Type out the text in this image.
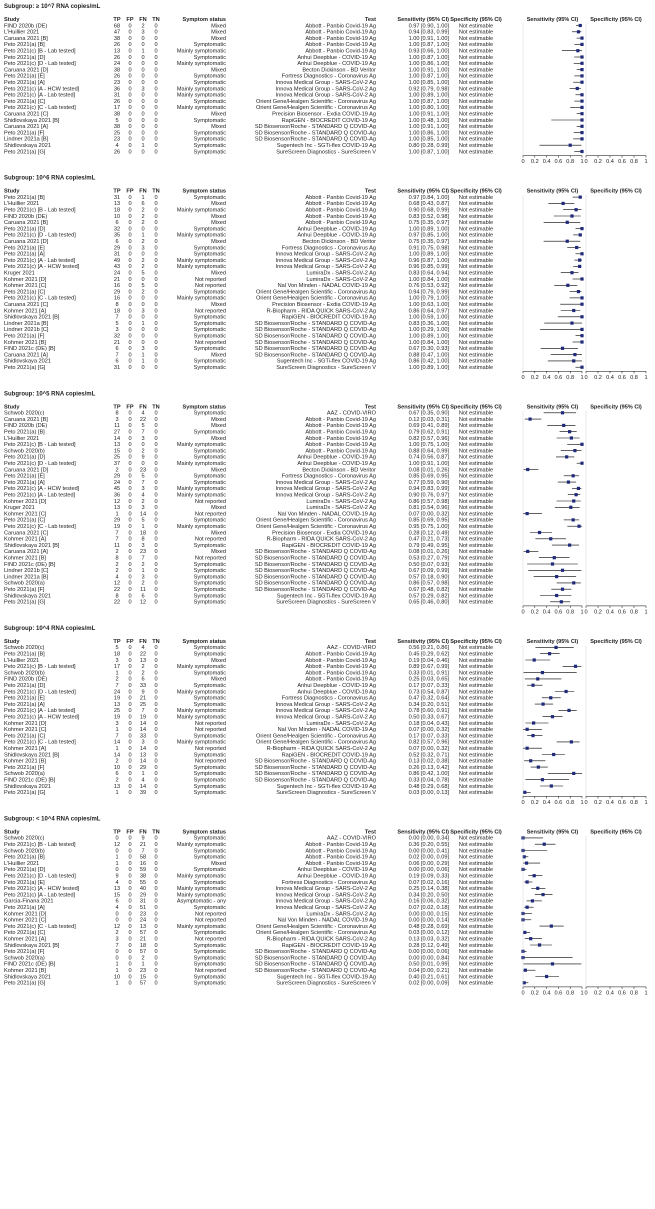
Subgroup: ≥ 10^7 RNA copies/mL
Study	TP FP FN TN	Symptom status	Test	Sensitivity (95% CI) Specificity (95% CI)	Sensitivity (95% CI) Specificity (95% CI)
FIND 2020b (DE)	68 0 2 0	Mixed	Abbott - Panbio Covid-19 Ag	0.97 [0.90, 1.00] Not estimable
L'Huillier 2021	47 0 3 0	Mixed	Abbott - Panbio Covid-19 Ag	0.94 [0.83, 0.99] Not estimable
Caruana 2021 [B]	38 0 0 0	Mixed	Abbott - Panbio Covid-19 Ag	1.00 [0.91, 1.00] Not estimable
Peto 2021(a) [B]	26 0 0 0	Symptomatic	Abbott - Panbio Covid-19 Ag	1.00 [0.87, 1.00] Not estimable
Peto 2021(c) [B - Lab tested]	13 0 1 0	Mainly symptomatic	Abbott - Panbio Covid-19 Ag	0.93 [0.66, 1.00] Not estimable
Peto 2021(a) [D]	26 0 0 0	Symptomatic	Anhui Deepblue - COVID-19 Ag	1.00 [0.87, 1.00] Not estimable
Peto 2021(c) [D - Lab tested]	24 0 0 0	Mainly symptomatic	Anhui Deepblue - COVID-19 Ag	1.00 [0.86, 1.00] Not estimable
Caruana 2021 [D]	38 0 0 0	Mixed	Becton Dickinson - BD Veritor	1.00 [0.91, 1.00] Not estimable
Peto 2021(a) [E]	26 0 0 0	Symptomatic	Fortress Diagnostics - Coronavirus Ag	1.00 [0.87, 1.00] Not estimable
Peto 2021(a) [A]	23 0 0 0	Symptomatic	Innova Medical Group - SARS-CoV-2 Ag	1.00 [0.85, 1.00] Not estimable
Peto 2021(c) [A - HCW tested]	36 0 3 0	Mainly symptomatic	Innova Medical Group - SARS-CoV-2 Ag	0.92 [0.79, 0.98] Not estimable
Peto 2021(c) [A - Lab tested]	31 0 0 0	Mainly symptomatic	Innova Medical Group - SARS-CoV-2 Ag	1.00 [0.89, 1.00] Not estimable
Peto 2021(a) [C]	26 0 0 0	Symptomatic	Orient Gene/Healgen Scientific - Coronavirus Ag	1.00 [0.87, 1.00] Not estimable
Peto 2021(c) [C - Lab tested]	17 0 0 0	Mainly symptomatic	Orient Gene/Healgen Scientific - Coronavirus Ag	1.00 [0.80, 1.00] Not estimable
Caruana 2021 [C]	38 0 0 0	Mixed	Precision Biosensor - Exdia COVID-19 Ag	1.00 [0.91, 1.00] Not estimable
Shidlovskaya 2021 [B]	5 0 0 0	Symptomatic	RapiGEN - BIOCREDIT COVID-19 Ag	1.00 [0.48, 1.00] Not estimable
Caruana 2021 [A]	38 0 0 0	Mixed	SD Biosensor/Roche - STANDARD Q COVID-Ag	1.00 [0.91, 1.00] Not estimable
Peto 2021(a) [F]	25 0 0 0	Symptomatic	SD Biosensor/Roche - STANDARD Q COVID-Ag	1.00 [0.86, 1.00] Not estimable
Lindner 2021a [B]	23 0 0 0	Symptomatic	SD Biosensor/Roche - STANDARD Q COVID-Ag	1.00 [0.85, 1.00] Not estimable
Shidlovskaya 2021	4 0 1 0	Symptomatic	Sugentech Inc - SGTi-flex COVID-19 Ag	0.80 [0.28, 0.99] Not estimable
Peto 2021(a) [G]	26 0 0 0	Symptomatic	SureScreen Diagnostics - SureScreen V	1.00 [0.87, 1.00] Not estimable
0 0.2 0.4 0.6 0.8 1 0 0.2 0.4 0.6 0.8 1
Subgroup: 10^6 RNA copies/mL
Study	TP FP FN TN	Symptom status	Test	Sensitivity (95% CI) Specificity (95% CI)	Sensitivity (95% CI) Specificity (95% CI)
Peto 2021(a) [B]	31 0 1 0	Symptomatic	Abbott - Panbio Covid-19 Ag	0.97 [0.84, 1.00] Not estimable
L'Huillier 2021	13 0 6 0	Mixed	Abbott - Panbio Covid-19 Ag	0.68 [0.43, 0.87] Not estimable
Peto 2021(c) [B - Lab tested]	18 0 2 0	Mainly symptomatic	Abbott - Panbio Covid-19 Ag	0.90 [0.68, 0.99] Not estimable
FIND 2020b (DE)	10 0 2 0	Mixed	Abbott - Panbio Covid-19 Ag	0.83 [0.52, 0.98] Not estimable
Caruana 2021 [B]	6 0 2 0	Mixed	Abbott - Panbio Covid-19 Ag	0.75 [0.35, 0.97] Not estimable
Peto 2021(a) [D]	32 0 0 0	Symptomatic	Anhui Deepblue - COVID-19 Ag	1.00 [0.89, 1.00] Not estimable
Peto 2021(c) [D - Lab tested]	35 0 1 0	Mainly symptomatic	Anhui Deepblue - COVID-19 Ag	0.97 [0.85, 1.00] Not estimable
Caruana 2021 [D]	6 0 2 0	Mixed	Becton Dickinson - BD Veritor	0.75 [0.35, 0.97] Not estimable
Peto 2021(a) [E]	29 0 3 0	Symptomatic	Fortress Diagnostics - Coronavirus Ag	0.91 [0.75, 0.98] Not estimable
Peto 2021(a) [A]	31 0 0 0	Symptomatic	Innova Medical Group - SARS-CoV-2 Ag	1.00 [0.89, 1.00] Not estimable
Peto 2021(c) [A - Lab tested]	49 0 2 0	Mainly symptomatic	Innova Medical Group - SARS-CoV-2 Ag	0.96 [0.87, 1.00] Not estimable
Peto 2021(c) [A - HCW tested]	43 0 2 0	Mainly symptomatic	Innova Medical Group - SARS-CoV-2 Ag	0.96 [0.85, 0.99] Not estimable
Kruger 2021	24 0 5 0	Mixed	LumiraDx - SARS-CoV-2 Ag	0.83 [0.64, 0.94] Not estimable
Kohmer 2021 [D]	21 0 0 0	Not reported	LumiraDx - SARS-CoV-2 Ag	1.00 [0.84, 1.00] Not estimable
Kohmer 2021 [C]	16 0 5 0	Not reported	Nal Von Minden - NADAL COVID-19 Ag	0.76 [0.53, 0.92] Not estimable
Peto 2021(a) [C]	29 0 2 0	Symptomatic	Orient Gene/Healgen Scientific - Coronavirus Ag	0.94 [0.79, 0.99] Not estimable
Peto 2021(c) [C - Lab tested]	16 0 0 0	Mainly symptomatic	Orient Gene/Healgen Scientific - Coronavirus Ag	1.00 [0.79, 1.00] Not estimable
Caruana 2021 [C]	8 0 0 0	Mixed	Precision Biosensor - Exdia COVID-19 Ag	1.00 [0.63, 1.00] Not estimable
Kohmer 2021 [A]	18 0 3 0	Not reported	R-Biopharm - RIDA QUICK SARS-CoV-2 Ag	0.86 [0.64, 0.97] Not estimable
Shidlovskaya 2021 [B]	7 0 0 0	Symptomatic	RapiGEN - BIOCREDIT COVID-19 Ag	1.00 [0.59, 1.00] Not estimable
Lindner 2021a [B]	5 0 1 0	Symptomatic	SD Biosensor/Roche - STANDARD Q COVID-Ag	0.83 [0.36, 1.00] Not estimable
Lindner 2021b [C]	3 0 0 0	Symptomatic	SD Biosensor/Roche - STANDARD Q COVID-Ag	1.00 [0.29, 1.00] Not estimable
Peto 2021(a) [F]	32 0 0 0	Symptomatic	SD Biosensor/Roche - STANDARD Q COVID-Ag	1.00 [0.89, 1.00] Not estimable
Kohmer 2021 [B]	21 0 0 0	Not reported	SD Biosensor/Roche - STANDARD Q COVID-Ag	1.00 [0.84, 1.00] Not estimable
FIND 2021c (DE) [B]	6 0 3 0	Symptomatic	SD Biosensor/Roche - STANDARD Q COVID-Ag	0.67 [0.30, 0.93] Not estimable
Caruana 2021 [A]	7 0 1 0	Mixed	SD Biosensor/Roche - STANDARD Q COVID-Ag	0.88 [0.47, 1.00] Not estimable
Shidlovskaya 2021	6 0 1 0	Symptomatic	Sugentech Inc - SGTi-flex COVID-19 Ag	0.86 [0.42, 1.00] Not estimable
Peto 2021(a) [G]	31 0 0 0	Symptomatic	SureScreen Diagnostics - SureScreen V	1.00 [0.89, 1.00] Not estimable
0 0.2 0.4 0.6 0.8 1 0 0.2 0.4 0.6 0.8 1
Subgroup: 10^5 RNA copies/mL
Study	TP FP FN TN	Symptom status	Test	Sensitivity (95% CI) Specificity (95% CI)	Sensitivity (95% CI) Specificity (95% CI)
Schwob 2020(c)	8 0 4 0	Symptomatic	AAZ - COVID-VIRO	0.67 [0.35, 0.90] Not estimable
Caruana 2021 [B]	3 0 22 0	Mixed	Abbott - Panbio Covid-19 Ag	0.12 [0.03, 0.31] Not estimable
FIND 2020b (DE)	11 0 5 0	Mixed	Abbott - Panbio Covid-19 Ag	0.69 [0.41, 0.89] Not estimable
Peto 2021(a) [B]	27 0 7 0	Symptomatic	Abbott - Panbio Covid-19 Ag	0.79 [0.62, 0.91] Not estimable
L'Huillier 2021	14 0 3 0	Mixed	Abbott - Panbio Covid-19 Ag	0.82 [0.57, 0.96] Not estimable
Peto 2021(c) [B - Lab tested]	13 0 0 0	Mainly symptomatic	Abbott - Panbio Covid-19 Ag	1.00 [0.75, 1.00] Not estimable
Schwob 2020(b)	15 0 2 0	Symptomatic	Abbott - Panbio Covid-19 Ag	0.88 [0.64, 0.99] Not estimable
Peto 2021(a) [D]	25 0 9 0	Symptomatic	Anhui Deepblue - COVID-19 Ag	0.74 [0.56, 0.87] Not estimable
Peto 2021(c) [D - Lab tested]	37 0 0 0	Mainly symptomatic	Anhui Deepblue - COVID-19 Ag	1.00 [0.91, 1.00] Not estimable
Caruana 2021 [D]	2 0 23 0	Mixed	Becton Dickinson - BD Veritor	0.08 [0.01, 0.26] Not estimable
Peto 2021(a) [E]	29 0 5 0	Symptomatic	Fortress Diagnostics - Coronavirus Ag	0.85 [0.69, 0.95] Not estimable
Peto 2021(a) [A]	24 0 7 0	Symptomatic	Innova Medical Group - SARS-CoV-2 Ag	0.77 [0.59, 0.90] Not estimable
Peto 2021(c) [A - HCW tested]	45 0 3 0	Mainly symptomatic	Innova Medical Group - SARS-CoV-2 Ag	0.94 [0.83, 0.99] Not estimable
Peto 2021(c) [A - Lab tested]	36 0 4 0	Mainly symptomatic	Innova Medical Group - SARS-CoV-2 Ag	0.90 [0.76, 0.97] Not estimable
Kohmer 2021 [D]	12 0 2 0	Not reported	LumiraDx - SARS-CoV-2 Ag	0.86 [0.57, 0.98] Not estimable
Kruger 2021	13 0 3 0	Mixed	LumiraDx - SARS-CoV-2 Ag	0.81 [0.54, 0.96] Not estimable
Kohmer 2021 [C]	1 0 14 0	Not reported	Nal Von Minden - NADAL COVID-19 Ag	0.07 [0.00, 0.32] Not estimable
Peto 2021(a) [C]	29 0 5 0	Symptomatic	Orient Gene/Healgen Scientific - Coronavirus Ag	0.85 [0.69, 0.95] Not estimable
Peto 2021(c) [C - Lab tested]	19 0 1 0	Mainly symptomatic	Orient Gene/Healgen Scientific - Coronavirus Ag	0.95 [0.75, 1.00] Not estimable
Caruana 2021 [C]	7 0 18 0	Mixed	Precision Biosensor - Exdia COVID-19 Ag	0.28 [0.12, 0.49] Not estimable
Kohmer 2021 [A]	7 0 8 0	Not reported	R-Biopharm - RIDA QUICK SARS-CoV-2 Ag	0.47 [0.21, 0.73] Not estimable
Shidlovskaya 2021 [B]	11 0 3 0	Symptomatic	RapiGEN - BIOCREDIT COVID-19 Ag	0.79 [0.49, 0.95] Not estimable
Caruana 2021 [A]	2 0 23 0	Mixed	SD Biosensor/Roche - STANDARD Q COVID-Ag	0.08 [0.01, 0.26] Not estimable
Kohmer 2021 [B]	8 0 7 0	Not reported	SD Biosensor/Roche - STANDARD Q COVID-Ag	0.53 [0.27, 0.79] Not estimable
FIND 2021c (DE) [B]	2 0 2 0	Symptomatic	SD Biosensor/Roche - STANDARD Q COVID-Ag	0.50 [0.07, 0.93] Not estimable
Lindner 2021b [C]	2 0 1 0	Symptomatic	SD Biosensor/Roche - STANDARD Q COVID-Ag	0.67 [0.09, 0.99] Not estimable
Lindner 2021a [B]	4 0 3 0	Symptomatic	SD Biosensor/Roche - STANDARD Q COVID-Ag	0.57 [0.18, 0.90] Not estimable
Schwob 2020(a)	12 0 2 0	Symptomatic	SD Biosensor/Roche - STANDARD Q COVID-Ag	0.86 [0.57, 0.98] Not estimable
Peto 2021(a) [F]	22 0 11 0	Symptomatic	SD Biosensor/Roche - STANDARD Q COVID-Ag	0.67 [0.48, 0.82] Not estimable
Shidlovskaya 2021	8 0 6 0	Symptomatic	Sugentech Inc - SGTi-flex COVID-19 Ag	0.57 [0.29, 0.82] Not estimable
Peto 2021(a) [G]	22 0 12 0	Symptomatic	SureScreen Diagnostics - SureScreen V	0.65 [0.46, 0.80] Not estimable
0 0.2 0.4 0.6 0.8 1 0 0.2 0.4 0.6 0.8 1
Subgroup: 10^4 RNA copies/mL
Study	TP FP FN TN	Symptom status	Test	Sensitivity (95% CI) Specificity (95% CI)	Sensitivity (95% CI) Specificity (95% CI)
Schwob 2020(c)	5 0 4 0	Symptomatic	AAZ - COVID-VIRO	0.56 [0.21, 0.86] Not estimable
Peto 2021(a) [B]	18 0 22 0	Symptomatic	Abbott - Panbio Covid-19 Ag	0.45 [0.29, 0.62] Not estimable
L'Huillier 2021	3 0 13 0	Mixed	Abbott - Panbio Covid-19 Ag	0.19 [0.04, 0.46] Not estimable
Peto 2021(c) [B - Lab tested]	17 0 2 0	Mainly symptomatic	Abbott - Panbio Covid-19 Ag	0.89 [0.67, 0.99] Not estimable
Schwob 2020(b)	1 0 2 0	Symptomatic	Abbott - Panbio Covid-19 Ag	0.33 [0.01, 0.91] Not estimable
FIND 2020b (DE)	2 0 6 0	Mixed	Abbott - Panbio Covid-19 Ag	0.25 [0.03, 0.65] Not estimable
Peto 2021(a) [D]	7 0 33 0	Symptomatic	Anhui Deepblue - COVID-19 Ag	0.17 [0.07, 0.33] Not estimable
Peto 2021(c) [D - Lab tested]	24 0 9 0	Mainly symptomatic	Anhui Deepblue - COVID-19 Ag	0.73 [0.54, 0.87] Not estimable
Peto 2021(a) [E]	19 0 21 0	Symptomatic	Fortress Diagnostics - Coronavirus Ag	0.47 [0.32, 0.64] Not estimable
Peto 2021(a) [A]	13 0 25 0	Symptomatic	Innova Medical Group - SARS-CoV-2 Ag	0.34 [0.20, 0.51] Not estimable
Peto 2021(c) [A - Lab tested]	25 0 7 0	Mainly symptomatic	Innova Medical Group - SARS-CoV-2 Ag	0.78 [0.60, 0.91] Not estimable
Peto 2021(c) [A - HCW tested]	19 0 19 0	Mainly symptomatic	Innova Medical Group - SARS-CoV-2 Ag	0.50 [0.33, 0.67] Not estimable
Kohmer 2021 [D]	3 0 14 0	Not reported	LumiraDx - SARS-CoV-2 Ag	0.18 [0.04, 0.43] Not estimable
Kohmer 2021 [C]	1 0 14 0	Not reported	Nal Von Minden - NADAL COVID-19 Ag	0.07 [0.00, 0.32] Not estimable
Peto 2021(a) [C]	7 0 33 0	Symptomatic	Orient Gene/Healgen Scientific - Coronavirus Ag	0.17 [0.07, 0.33] Not estimable
Peto 2021(c) [C - Lab tested]	14 0 3 0	Mainly symptomatic	Orient Gene/Healgen Scientific - Coronavirus Ag	0.82 [0.57, 0.96] Not estimable
Kohmer 2021 [A]	1 0 14 0	Not reported	R-Biopharm - RIDA QUICK SARS-CoV-2 Ag	0.07 [0.00, 0.32] Not estimable
Shidlovskaya 2021 [B]	14 0 13 0	Symptomatic	RapiGEN - BIOCREDIT COVID-19 Ag	0.52 [0.32, 0.71] Not estimable
Kohmer 2021 [B]	2 0 14 0	Not reported	SD Biosensor/Roche - STANDARD Q COVID-Ag	0.13 [0.02, 0.38] Not estimable
Peto 2021(a) [F]	10 0 29 0	Symptomatic	SD Biosensor/Roche - STANDARD Q COVID-Ag	0.26 [0.13, 0.42] Not estimable
Schwob 2020(a)	6 0 1 0	Symptomatic	SD Biosensor/Roche - STANDARD Q COVID-Ag	0.86 [0.42, 1.00] Not estimable
FIND 2021c (DE) [B]	2 0 4 0	Symptomatic	SD Biosensor/Roche - STANDARD Q COVID-Ag	0.33 [0.04, 0.78] Not estimable
Shidlovskaya 2021	13 0 14 0	Symptomatic	Sugentech Inc - SGTi-flex COVID-19 Ag	0.48 [0.29, 0.68] Not estimable
Peto 2021(a) [G]	1 0 39 0	Symptomatic	SureScreen Diagnostics - SureScreen V	0.03 [0.00, 0.13] Not estimable
0 0.2 0.4 0.6 0.8 1 0 0.2 0.4 0.6 0.8 1
Subgroup: < 10^4 RNA copies/mL
Study	TP FP FN TN	Symptom status	Test	Sensitivity (95% CI) Specificity (95% CI)	Sensitivity (95% CI) Specificity (95% CI)
Schwob 2020(c)	0 0 9 0	Symptomatic	AAZ - COVID-VIRO	0.00 [0.00, 0.34] Not estimable
Peto 2021(c) [B - Lab tested]	12 0 21 0	Mainly symptomatic	Abbott - Panbio Covid-19 Ag	0.36 [0.20, 0.55] Not estimable
Schwob 2020(b)	0 0 7 0	Symptomatic	Abbott - Panbio Covid-19 Ag	0.00 [0.00, 0.41] Not estimable
Peto 2021(a) [B]	1 0 58 0	Symptomatic	Abbott - Panbio Covid-19 Ag	0.02 [0.00, 0.09] Not estimable
L'Huillier 2021	1 0 16 0	Mixed	Abbott - Panbio Covid-19 Ag	0.06 [0.00, 0.29] Not estimable
Peto 2021(a) [D]	0 0 59 0	Symptomatic	Anhui Deepblue - COVID-19 Ag	0.00 [0.00, 0.06] Not estimable
Peto 2021(c) [D - Lab tested]	9 0 38 0	Mainly symptomatic	Anhui Deepblue - COVID-19 Ag	0.19 [0.09, 0.33] Not estimable
Peto 2021(a) [E]	4 0 55 0	Symptomatic	Fortress Diagnostics - Coronavirus Ag	0.07 [0.02, 0.16] Not estimable
Peto 2021(c) [A - HCW tested]	13 0 40 0	Mainly symptomatic	Innova Medical Group - SARS-CoV-2 Ag	0.25 [0.14, 0.38] Not estimable
Peto 2021(c) [A - Lab tested]	15 0 29 0	Mainly symptomatic	Innova Medical Group - SARS-CoV-2 Ag	0.34 [0.20, 0.50] Not estimable
Garcia-Finana 2021	6 0 31 0	Asymptomatic - any	Innova Medical Group - SARS-CoV-2 Ag	0.16 [0.06, 0.32] Not estimable
Peto 2021(a) [A]	4 0 51 0	Symptomatic	Innova Medical Group - SARS-CoV-2 Ag	0.07 [0.02, 0.18] Not estimable
Kohmer 2021 [D]	0 0 23 0	Not reported	LumiraDx - SARS-CoV-2 Ag	0.00 [0.00, 0.15] Not estimable
Kohmer 2021 [C]	0 0 24 0	Not reported	Nal Von Minden - NADAL COVID-19 Ag	0.00 [0.00, 0.14] Not estimable
Peto 2021(c) [C - Lab tested]	12 0 13 0	Mainly symptomatic	Orient Gene/Healgen Scientific - Coronavirus Ag	0.48 [0.28, 0.69] Not estimable
Peto 2021(a) [C]	2 0 57 0	Symptomatic	Orient Gene/Healgen Scientific - Coronavirus Ag	0.03 [0.00, 0.12] Not estimable
Kohmer 2021 [A]	3 0 21 0	Not reported	R-Biopharm - RIDA QUICK SARS-CoV-2 Ag	0.13 [0.03, 0.32] Not estimable
Shidlovskaya 2021 [B]	7 0 18 0	Symptomatic	RapiGEN - BIOCREDIT COVID-19 Ag	0.28 [0.12, 0.49] Not estimable
Peto 2021(a) [F]	0 0 57 0	Symptomatic	SD Biosensor/Roche - STANDARD Q COVID-Ag	0.00 [0.00, 0.06] Not estimable
Schwob 2020(a)	0 0 2 0	Symptomatic	SD Biosensor/Roche - STANDARD Q COVID-Ag	0.00 [0.00, 0.84] Not estimable
FIND 2021c (DE) [B]	1 0 1 0	Symptomatic	SD Biosensor/Roche - STANDARD Q COVID-Ag	0.50 [0.01, 0.99] Not estimable
Kohmer 2021 [B]	1 0 23 0	Not reported	SD Biosensor/Roche - STANDARD Q COVID-Ag	0.04 [0.00, 0.21] Not estimable
Shidlovskaya 2021	10 0 15 0	Symptomatic	Sugentech Inc - SGTi-flex COVID-19 Ag	0.40 [0.21, 0.61] Not estimable
Peto 2021(a) [G]	1 0 57 0	Symptomatic	SureScreen Diagnostics - SureScreen V	0.02 [0.00, 0.09] Not estimable
0 0.2 0.4 0.6 0.8 1 0 0.2 0.4 0.6 0.8 1
